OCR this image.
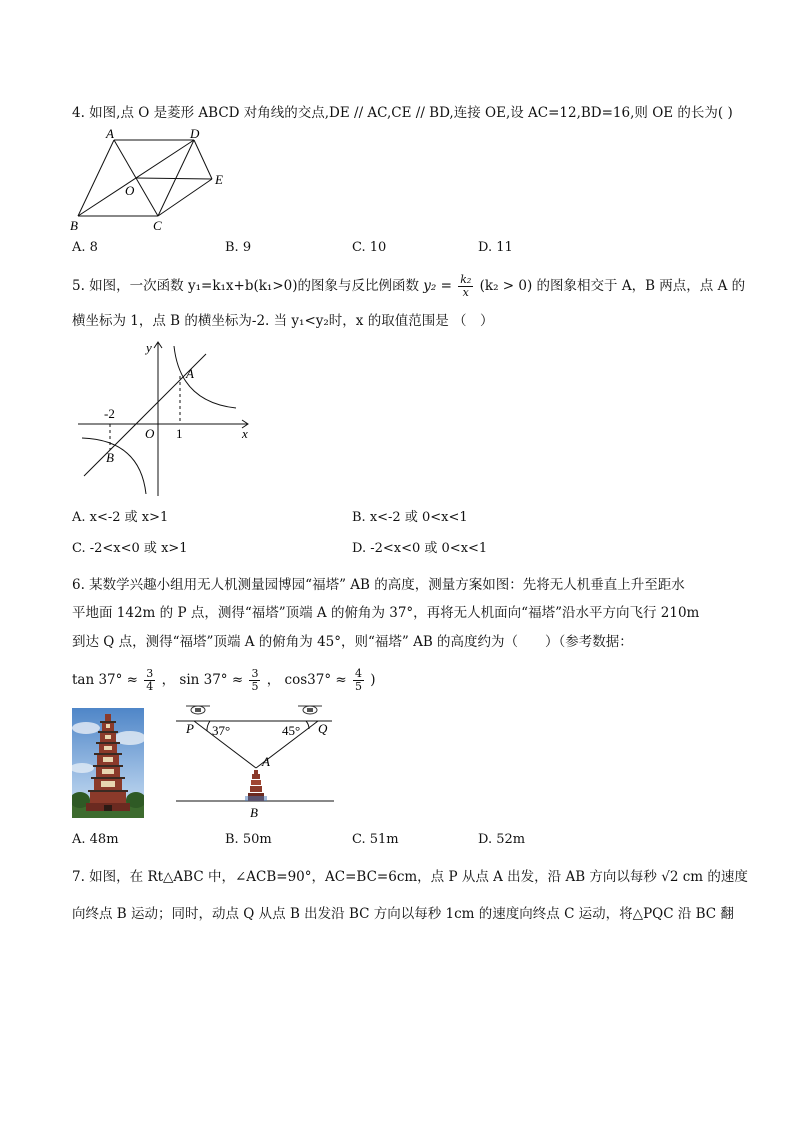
4. 如图,点 O 是菱形 ABCD 对角线的交点,DE // AC,CE // BD,连接 OE,设 AC=12,BD=16,则 OE 的长为( )
A	D
E
O
B	C
A. 8	B. 9	C. 10	D. 11
5. 如图，一次函数 y₁=k₁x+b(k₁>0)的图象与反比例函数 $y_2 = \frac{\text{k₂}}{x} (k_2 > 0)$ 的图象相交于 A，B 两点，点 A 的
横坐标为 1，点 B 的横坐标为-2. 当 y₁<y₂时，x 的取值范围是 （　）
y
x
O
A
B
-2
1
A. x<-2 或 x>1	B. x<-2 或 0<x<1
C. -2<x<0 或 x>1	D. -2<x<0 或 0<x<1
6. 某数学兴趣小组用无人机测量园博园“福塔” AB 的高度，测量方案如图：先将无人机垂直上升至距水
平地面 142m 的 P 点，测得“福塔”顶端 A 的俯角为 37°，再将无人机面向“福塔”沿水平方向飞行 210m
到达 Q 点，测得“福塔”顶端 A 的俯角为 45°，则“福塔” AB 的高度约为（　　）（参考数据：
$\tan 37^\circ \approx \frac{3}{4}$ ， $\sin 37^\circ \approx \frac{3}{5}$ ， $\cos 37^\circ \approx \frac{4}{5}$ )
P 37°	45° Q
A
B
A. 48m	B. 50m	C. 51m	D. 52m
7. 如图，在 Rt△ABC 中，∠ACB=90°，AC=BC=6cm，点 P 从点 A 出发，沿 AB 方向以每秒 √2 cm 的速度
向终点 B 运动；同时，动点 Q 从点 B 出发沿 BC 方向以每秒 1cm 的速度向终点 C 运动，将△PQC 沿 BC 翻
